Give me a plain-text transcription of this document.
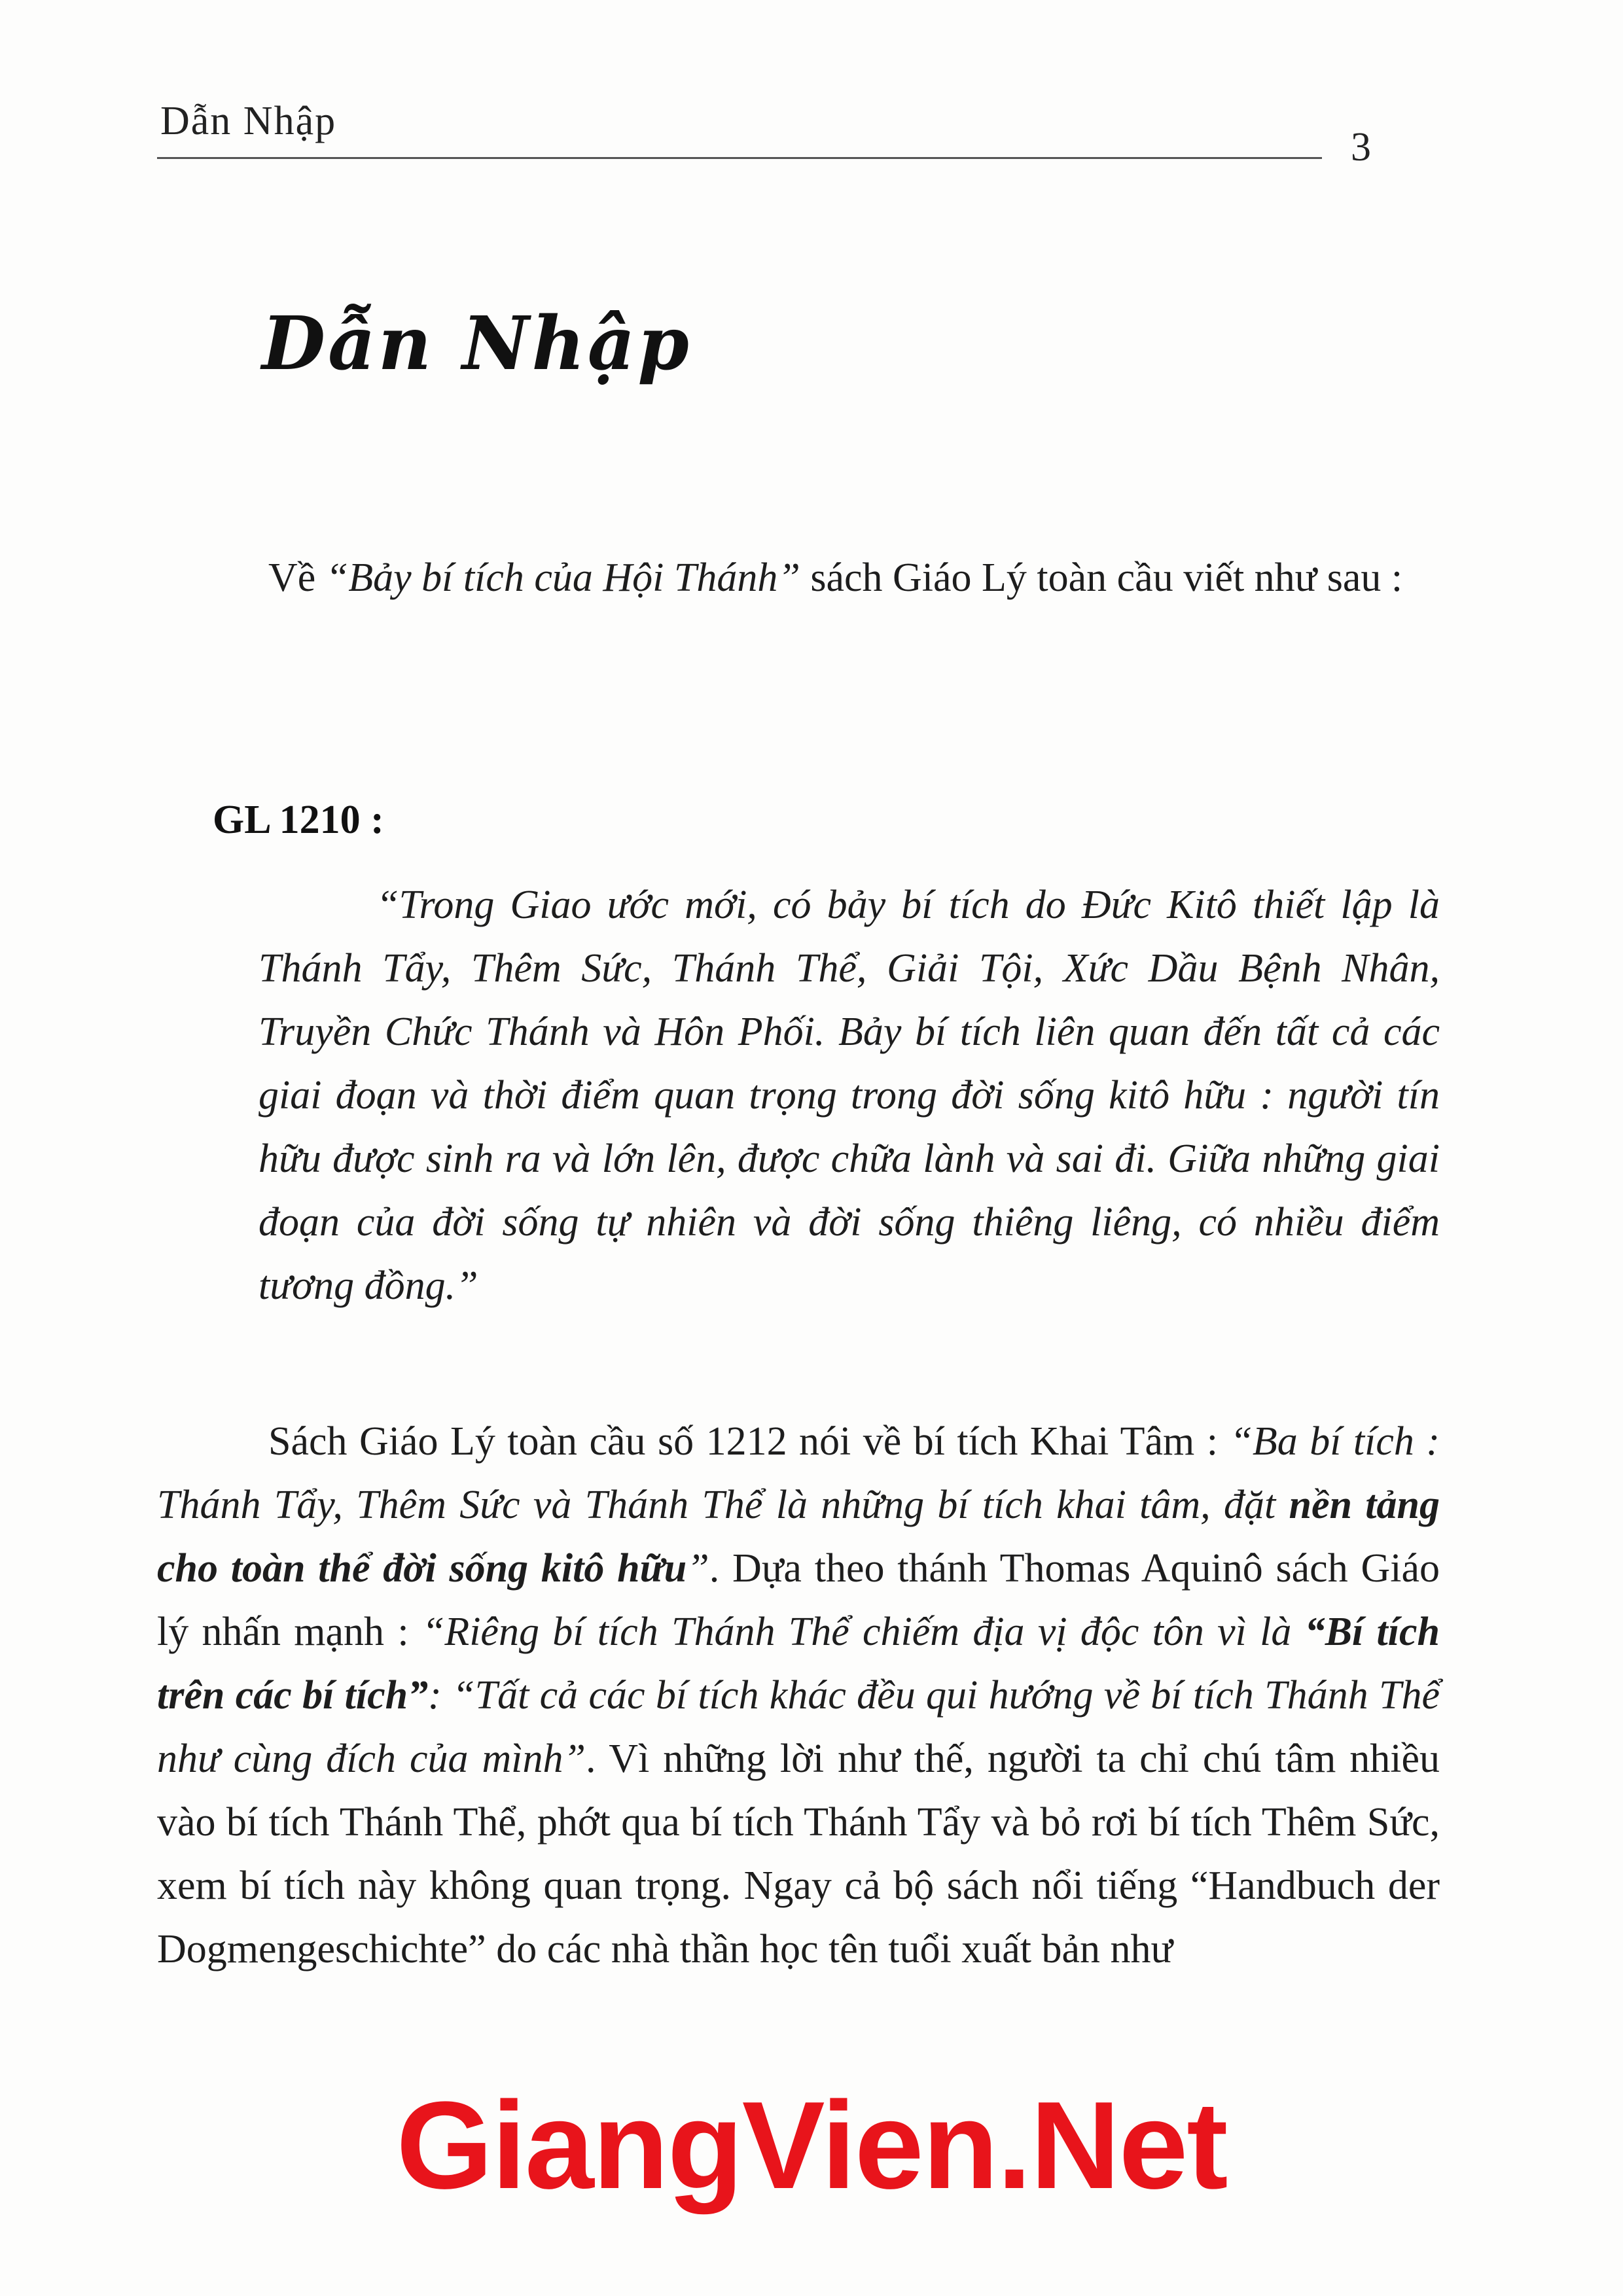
Dẫn Nhập
3
Dẫn Nhập

Về “Bảy bí tích của Hội Thánh” sách Giáo Lý toàn cầu viết như sau :

GL 1210 :

“Trong Giao ước mới, có bảy bí tích do Đức Kitô thiết lập là Thánh Tẩy, Thêm Sức, Thánh Thể, Giải Tội, Xức Dầu Bệnh Nhân, Truyền Chức Thánh và Hôn Phối. Bảy bí tích liên quan đến tất cả các giai đoạn và thời điểm quan trọng trong đời sống kitô hữu : người tín hữu được sinh ra và lớn lên, được chữa lành và sai đi. Giữa những giai đoạn của đời sống tự nhiên và đời sống thiêng liêng, có nhiều điểm tương đồng.”

Sách Giáo Lý toàn cầu số 1212 nói về bí tích Khai Tâm : “Ba bí tích : Thánh Tẩy, Thêm Sức và Thánh Thể là những bí tích khai tâm, đặt nền tảng cho toàn thể đời sống kitô hữu”. Dựa theo thánh Thomas Aquinô sách Giáo lý nhấn mạnh : “Riêng bí tích Thánh Thể chiếm địa vị độc tôn vì là “Bí tích trên các bí tích”: “Tất cả các bí tích khác đều qui hướng về bí tích Thánh Thể như cùng đích của mình”. Vì những lời như thế, người ta chỉ chú tâm nhiều vào bí tích Thánh Thể, phớt qua bí tích Thánh Tẩy và bỏ rơi bí tích Thêm Sức, xem bí tích này không quan trọng. Ngay cả bộ sách nổi tiếng “Handbuch der Dogmengeschichte” do các nhà thần học tên tuổi xuất bản như

GiangVien.Net
